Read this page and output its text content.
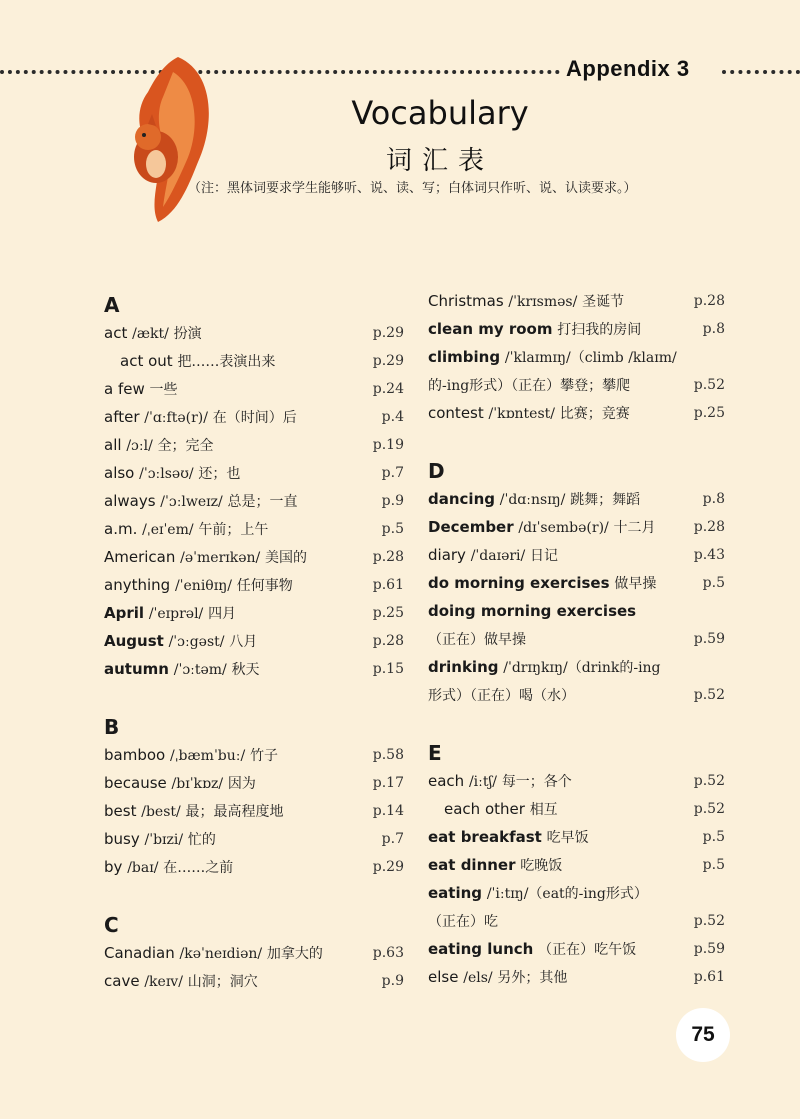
Appendix 3
Vocabulary
词汇表
（注：黑体词要求学生能够听、说、读、写；白体词只作听、说、认读要求。）
A
act /ækt/ 扮演	p.29
act out 把……表演出来	p.29
a few 一些	p.24
after /ˈɑːftə(r)/ 在（时间）后	p.4
all /ɔːl/ 全；完全	p.19
also /ˈɔːlsəʊ/ 还；也	p.7
always /ˈɔːlweɪz/ 总是；一直	p.9
a.m. /ˌeɪˈem/ 午前；上午	p.5
American /əˈmerɪkən/ 美国的	p.28
anything /ˈeniθɪŋ/ 任何事物	p.61
April /ˈeɪprəl/ 四月	p.25
August /ˈɔːgəst/ 八月	p.28
autumn /ˈɔːtəm/ 秋天	p.15
B
bamboo /ˌbæmˈbuː/ 竹子	p.58
because /bɪˈkɒz/ 因为	p.17
best /best/ 最；最高程度地	p.14
busy /ˈbɪzi/ 忙的	p.7
by /baɪ/ 在……之前	p.29
C
Canadian /kəˈneɪdiən/ 加拿大的	p.63
cave /keɪv/ 山洞；洞穴	p.9
Christmas /ˈkrɪsməs/ 圣诞节	p.28
clean my room 打扫我的房间	p.8
climbing /ˈklaɪmɪŋ/（climb /klaɪm/
的-ing形式）（正在）攀登；攀爬	p.52
contest /ˈkɒntest/ 比赛；竞赛	p.25
D
dancing /ˈdɑːnsɪŋ/ 跳舞；舞蹈	p.8
December /dɪˈsembə(r)/ 十二月	p.28
diary /ˈdaɪəri/ 日记	p.43
do morning exercises 做早操	p.5
doing morning exercises
（正在）做早操	p.59
drinking /ˈdrɪŋkɪŋ/（drink的-ing
形式）（正在）喝（水）	p.52
E
each /iːtʃ/ 每一；各个	p.52
each other 相互	p.52
eat breakfast 吃早饭	p.5
eat dinner 吃晚饭	p.5
eating /ˈiːtɪŋ/（eat的-ing形式）
（正在）吃	p.52
eating lunch （正在）吃午饭	p.59
else /els/ 另外；其他	p.61
75
